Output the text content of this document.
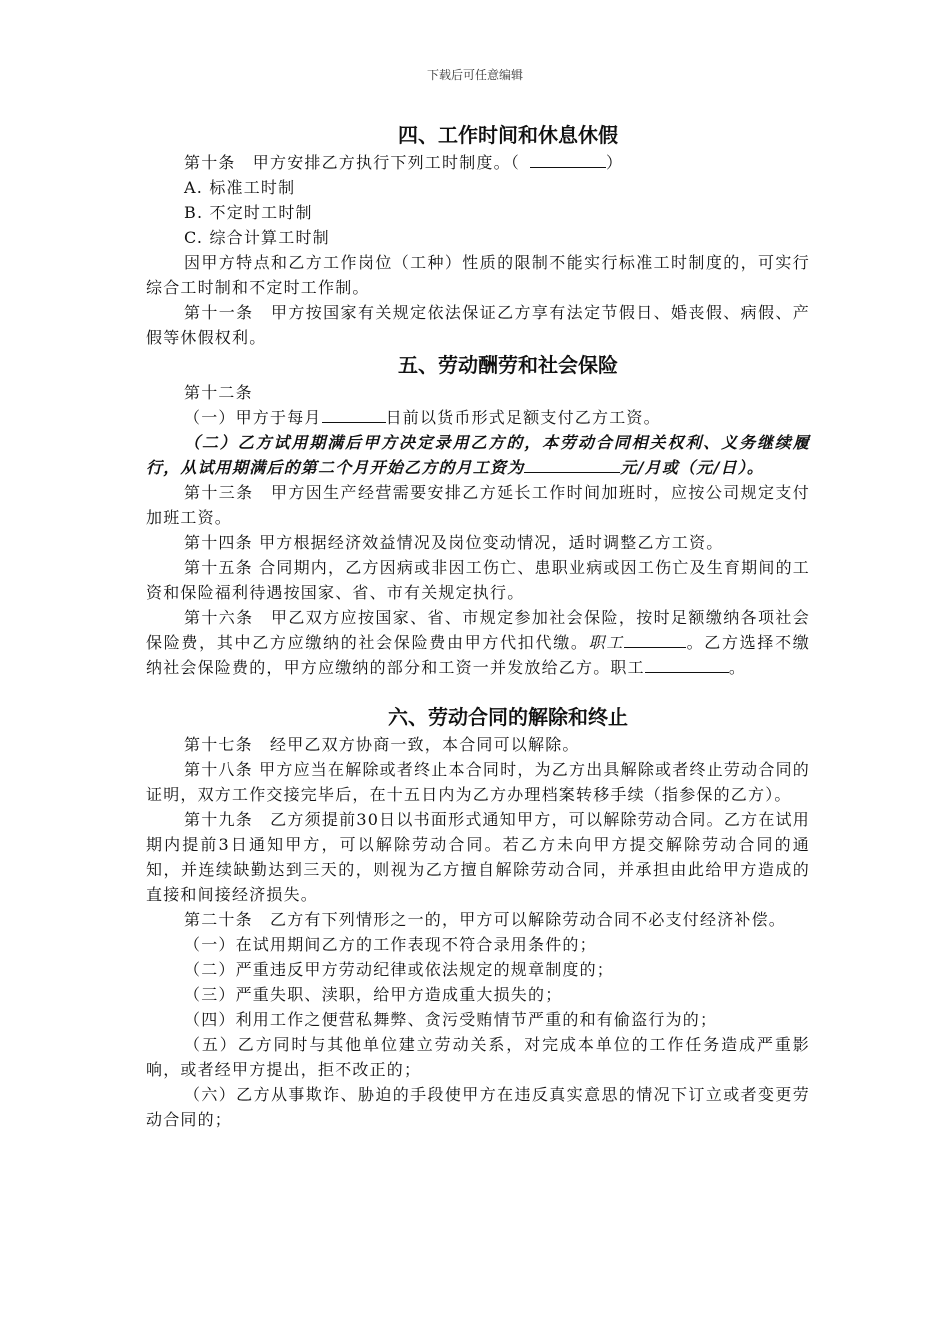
下载后可任意编辑
四、工作时间和休息休假

第十条　甲方安排乙方执行下列工时制度。（	）

A. 标准工时制

B. 不定时工时制

C. 综合计算工时制

因甲方特点和乙方工作岗位（工种）性质的限制不能实行标准工时制度的，可实行综合工时制和不定时工作制。

第十一条　甲方按国家有关规定依法保证乙方享有法定节假日、婚丧假、病假、产假等休假权利。

五、劳动酬劳和社会保险

第十二条

（一）甲方于每月	日前以货币形式足额支付乙方工资。

（二）乙方试用期满后甲方决定录用乙方的，本劳动合同相关权利、义务继续履行，从试用期满后的第二个月开始乙方的月工资为	元/月或（元/日）。

第十三条　甲方因生产经营需要安排乙方延长工作时间加班时，应按公司规定支付加班工资。

第十四条 甲方根据经济效益情况及岗位变动情况，适时调整乙方工资。

第十五条 合同期内，乙方因病或非因工伤亡、患职业病或因工伤亡及生育期间的工资和保险福利待遇按国家、省、市有关规定执行。

第十六条　甲乙双方应按国家、省、市规定参加社会保险，按时足额缴纳各项社会保险费，其中乙方应缴纳的社会保险费由甲方代扣代缴。职工	。乙方选择不缴纳社会保险费的，甲方应缴纳的部分和工资一并发放给乙方。职工	。

六、劳动合同的解除和终止

第十七条　经甲乙双方协商一致，本合同可以解除。

第十八条 甲方应当在解除或者终止本合同时，为乙方出具解除或者终止劳动合同的证明，双方工作交接完毕后，在十五日内为乙方办理档案转移手续（指参保的乙方）。

第十九条　乙方须提前30日以书面形式通知甲方，可以解除劳动合同。乙方在试用期内提前3日通知甲方，可以解除劳动合同。若乙方未向甲方提交解除劳动合同的通知，并连续缺勤达到三天的，则视为乙方擅自解除劳动合同，并承担由此给甲方造成的直接和间接经济损失。

第二十条　乙方有下列情形之一的，甲方可以解除劳动合同不必支付经济补偿。

（一）在试用期间乙方的工作表现不符合录用条件的；

（二）严重违反甲方劳动纪律或依法规定的规章制度的；

（三）严重失职、渎职，给甲方造成重大损失的；

（四）利用工作之便营私舞弊、贪污受贿情节严重的和有偷盗行为的；

（五）乙方同时与其他单位建立劳动关系，对完成本单位的工作任务造成严重影响，或者经甲方提出，拒不改正的；

（六）乙方从事欺诈、胁迫的手段使甲方在违反真实意思的情况下订立或者变更劳动合同的；
